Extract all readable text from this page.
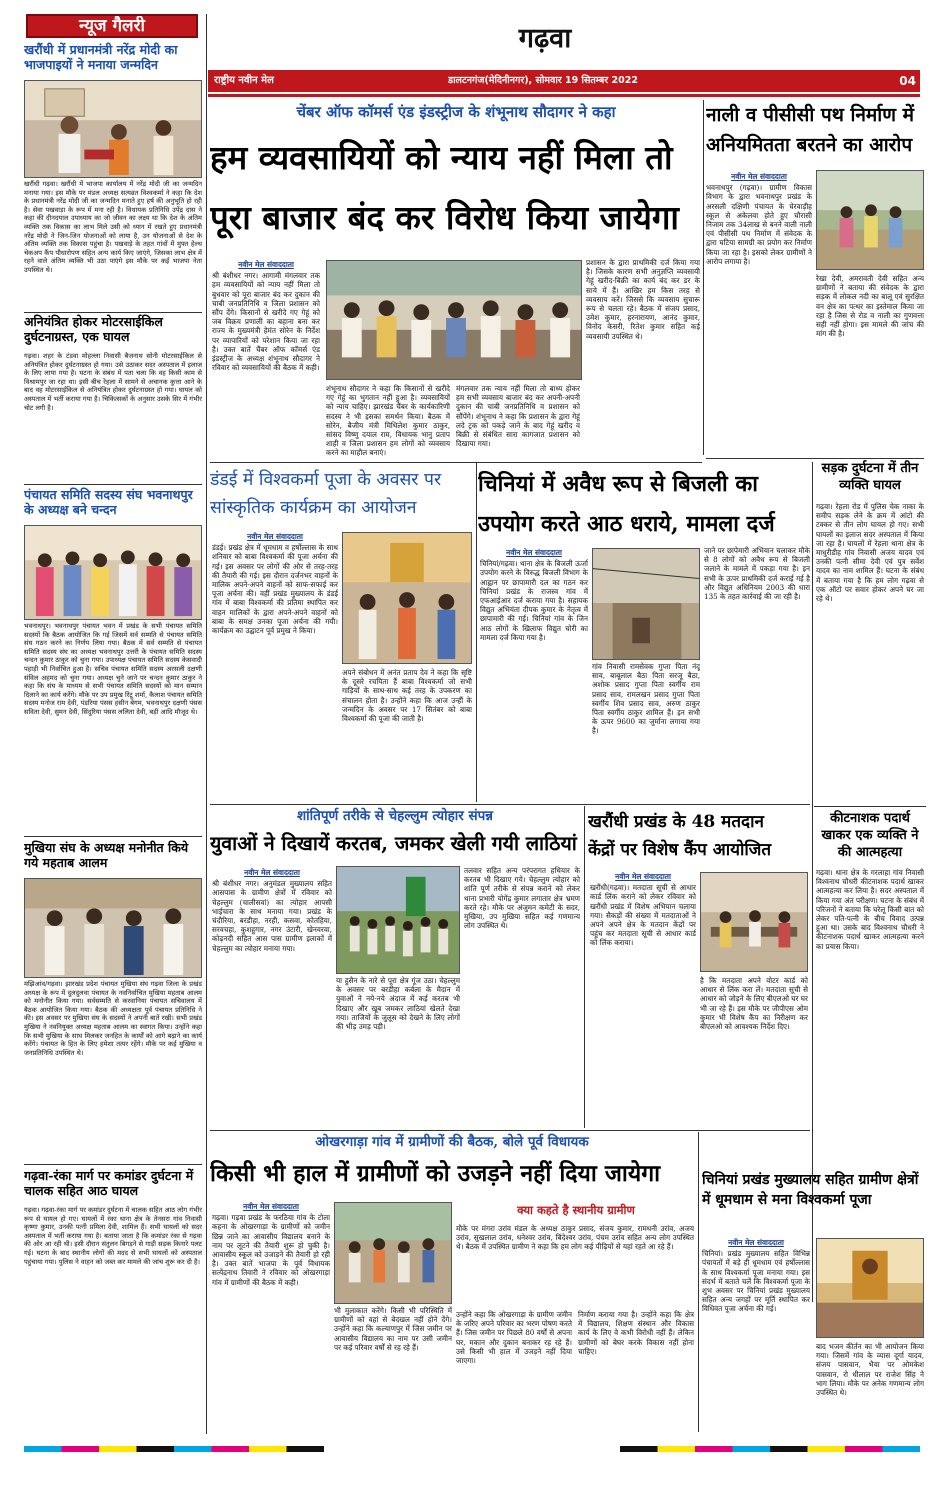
गढ़वा
राष्ट्रीय नवीन मेल	डालटनगंज(मेदिनीनगर), सोमवार 19 सितम्बर 2022	04
न्यूज गैलरी
खरौंधी में प्रधानमंत्री नरेंद्र मोदी का भाजपाइयों ने मनाया जन्मदिन
खरौंधी गढ़वा। खरौंधी में भाजपा कार्यालय में नरेंद्र मोदी जी का जन्मदिन मनाया गया। इस मौके पर मंडल अध्यक्ष सत्यव्रत विश्वकर्मा ने कहा कि देश के प्रधानमंत्री नरेंद्र मोदी जी का जन्मदिन मनाते हुए हर्ष की अनुभूति हो रही है। सेवा पखवाड़ा के रूप में मना रही है। विधायक प्रतिनिधि उपेंद्र दास ने कहा की दीनदयाल उपाध्याय का जो जीवन का लक्ष्य था कि देश के अंतिम व्यक्ति तक विकास का लाभ मिले उसी को ध्यान में रखते हुए प्रधानमंत्री नरेंद्र मोदी ने जिन-जिन योजनाओं को लाया है, उन योजनाओं से देश के अंतिम व्यक्ति तक विकास पहुंचा है। पखवाड़े के तहत गांवों में मुफ्त हेल्थ चेकअप कैंप पौधारोपण सहित अन्य कार्य किए जाएंगे, जिसका लाभ क्षेत्र में रहने वाले अंतिम व्यक्ति भी उठा पाएंगे इस मौके पर कई भाजपा नेता उपस्थित थे।
अनियंत्रित होकर मोटरसाईकिल दुर्घटनाग्रस्त, एक घायल
गढ़वा। शहर के टंडवा मोहल्ला निवासी बैजनाथ सोनी मोटरसाईकिल से अनियंत्रित होकर दुर्घटनाग्रस्त हो गया। उसे उठाकर सदर अस्पताल में इलाज के लिए लाया गया है। घटना के संबंध में पता चला कि वह किसी काम से विश्रामपुर जा रहा था। इसी बीच रेहला में सामने से अचानक कुत्ता आने के बाद वह मोटरसाईकिल से अनियंत्रित होकर दुर्घटनाग्रस्त हो गया। घायल को अस्पताल में भर्ती कराया गया है। चिकित्सकों के अनुसार उसके सिर में गंभीर चोट लगी है।
पंचायत समिति सदस्य संघ भवनाथपुर के अध्यक्ष बने चन्दन
भवनाथपुर। भवनाथपुर पंचायत भवन में प्रखंड के सभी पंचायत समिति सदस्यों कि बैठक आयोजित कि गई जिसमें सर्व सम्मति से पंचायत समिति संघ गठन करने का निर्णय लिया गया। बैठक में सर्व सम्मति से पंचायत समिति सदस्य संघ का अध्यक्ष भवनाथपुर उत्तरी के पंचायत समिति सदस्य चन्दन कुमार ठाकुर को चुना गया। उपाध्यक्ष पंचायत समिति सदस्य केसवादी पहाड़ी भी निर्वाचित हुआ है। सचिव पंचायत समिति सदस्य अरसली दक्षणी संविल अहमद को चुना गया। अध्यक्ष चुने जाने पर चन्दन कुमार ठाकुर ने कहा कि संघ के माध्यम से सभी पंचायत समिति सदस्यों को मान सम्मान दिलाने का कार्य करेंगे। मौके पर उप प्रमुख रिंटू शर्मा, कैलाश पंचायत समिति सदस्य मनोज राम देवी, पंडरिया पंसस हसीन बेगम, भवनाथपुर दक्षणी पंसस सविता देवी, सुमन देवी, सिंदुरिया पंसस ललिता देवी, बड़ी आदि मौजूद थे।
मुखिया संघ के अध्यक्ष मनोनीत किये गये महताब आलम
मझिआंव/गढ़वा। झारखंड प्रदेश पंचायत मुखिया संघ गढ़वा जिला के प्रखंड अध्यक्ष के रूप में दुलदुलवा पंचायत के नवनिर्वाचित मुखिया महताब आलम को मनोनीत किया गया। सर्वसम्मति से करवानिया पंचायत सचिवालय में बैठक आयोजित किया गया। बैठक की अध्यक्षता पूर्व पंचायत प्रतिनिधि ने की। इस अवसर पर मुखिया संघ के सदस्यों ने अपनी बातें रखी। सभी प्रखंड मुखिया ने नवनियुक्त अध्यक्ष महताब आलम का स्वागत किया। उन्होंने कहा कि सभी मुखिया के साथ मिलकर जनहित के कार्यों को आगे बढ़ाने का कार्य करेंगे। पंचायत के हित के लिए हमेशा तत्पर रहेंगे। मौके पर कई मुखिया व जनप्रतिनिधि उपस्थित थे।
गढ़वा-रंका मार्ग पर कमांडर दुर्घटना में चालक सहित आठ घायल
गढ़वा। गढ़वा-रंका मार्ग पर कमांडर दुर्घटना में चालक सहित आठ लोग गंभीर रूप से घायल हो गए। घायलों में रंका थाना क्षेत्र के तेनसरा गांव निवासी कृष्णा कुमार, उनकी पत्नी प्रमिला देवी, शामिल हैं। सभी घायलों को सदर अस्पताल में भर्ती कराया गया है। बताया जाता है कि कमांडर रंका से गढ़वा की ओर आ रही थी। इसी दौरान संतुलन बिगड़ने से गाड़ी सड़क किनारे पलट गई। घटना के बाद स्थानीय लोगों की मदद से सभी घायलों को अस्पताल पहुंचाया गया। पुलिस ने वाहन को जब्त कर मामले की जांच शुरू कर दी है।
चेंबर ऑफ कॉमर्स एंड इंडस्ट्रीज के शंभूनाथ सौदागर ने कहा
हम व्यवसायियों को न्याय नहीं मिला तो
पूरा बाजार बंद कर विरोध किया जायेगा
नवीन मेल संवाददाता
श्री बंशीधर नगर। आगामी मंगलवार तक हम व्यवसायियों को न्याय नहीं मिला तो बुधवार को पूरा बाजार बंद कर दुकान की चाबी जनप्रतिनिधि व जिला प्रशासन को सौंप देंगे। किसानों से खरीदे गए गेहूं को जब विक्रय प्रणाली का बहाना बना कर राज्य के मुख्यमंत्री हेमंत सोरेन के निर्देश पर व्यापारियों को परेशान किया जा रहा है। उक्त बातें चैंबर ऑफ कॉमर्स एंड इंडस्ट्रीज के अध्यक्ष शंभूनाथ सौदागर ने रविवार को व्यवसायियों की बैठक में कही।
शंभूनाथ सौदागर ने कहा कि किसानों से खरीदे गए गेहूं का भुगतान नहीं हुआ है। व्यवसायियों को न्याय चाहिए। झारखंड चैंबर के कार्यकारिणी सदस्य ने भी इसका समर्थन किया। बैठक में सोरेन, बैजीय मंत्री मिथिलेश कुमार ठाकुर, सांसद विष्णु दयाल राम, विधायक भानु प्रताप शाही व जिला प्रशासन हम लोगों को व्यवसाय करने का माहौल बनाएं।
मंगलवार तक न्याय नहीं मिला तो बाध्य होकर हम सभी व्यवसाय बाजार बंद कर अपनी-अपनी दुकान की चाबी जनप्रतिनिधि व प्रशासन को सौंपेंगे। शंभूनाथ ने कहा कि प्रशासन के द्वारा गेहूं लदे ट्रक को पकड़े जाने के बाद गेहूं खरीद व बिक्री से संबंधित सारा कागजात प्रशासन को दिखाया गया।
प्रशासन के द्वारा प्राथमिकी दर्ज किया गया है। जिसके कारण सभी अनुज्ञप्ति व्यवसायी गेहूं खरीद-बिक्री का कार्य बंद कर डर के साये में हैं। आखिर हम किस तरह से व्यवसाय करें। जिससे कि व्यवसाय सुचारू रूप से चलता रहे। बैठक में संजय प्रसाद, उमेश कुमार, हरनारायण, आनंद कुमार, विनोद केसरी, रितेश कुमार सहित कई व्यवसायी उपस्थित थे।
नाली व पीसीसी पथ निर्माण में अनियमितता बरतने का आरोप
नवीन मेल संवाददाता
भवनाथपुर (गढ़वा)। ग्रामीण विकास विभाग के द्वारा भवनाथपुर प्रखंड के अरसली दक्षिणी पंचायत के घेरवाड़ीह स्कूल से अकेलवा होते हुए चौरासी निजाम तक 34लाख से बनने वाली नाली एवं पीसीसी पथ निर्माण में संवेदक के द्वारा घटिया सामग्री का प्रयोग कर निर्माण किया जा रहा है। इसको लेकर ग्रामीणों ने आरोप लगाया है।
रेखा देवी, अमरावती देवी सहित अन्य ग्रामीणों ने बताया की संवेदक के द्वारा सड़क में लोकल नदी का बालू एवं सुरक्षित वन क्षेत्र का पत्थर का इस्तेमाल किया जा रहा है जिस से रोड व नाली का गुणवत्ता सही नहीं होगा। इस मामले की जांच की मांग की है।
डंडई में विश्वकर्मा पूजा के अवसर पर
सांस्कृतिक कार्यक्रम का आयोजन
नवीन मेल संवाददाता
डंडई। प्रखंड क्षेत्र में धूमधाम व हर्षोल्लास के साथ शनिवार को बाबा विश्वकर्मा की पूजा अर्चना की गई। इस अवसर पर लोगों की ओर से तरह-तरह की तैयारी की गई। इस दौरान दर्जनभर वाहनों के मालिक अपने-अपने वाहनों को साफ-सफाई कर पूजा अर्चना की। वहीं प्रखंड मुख्यालय के डंडई गांव में बाबा विश्वकर्मा की प्रतिमा स्थापित कर वाहन मालिकों के द्वारा अपने-अपने वाहनों को बाबा के समक्ष उनका पूजा अर्चना की गयी। कार्यक्रम का उद्घाटन पूर्व प्रमुख ने किया।
अपने संबोधन में अनंत प्रताप देव ने कहा कि सृष्टि के दूसरे रचयिता हैं बाबा विश्वकर्मा जो सभी गाड़ियों के साथ-साथ कई तरह के उपकरण का संचालन होता है। उन्होंने कहा कि आज उन्हीं के जन्मदिन के अवसर पर 17 सितंबर को बाबा विश्वकर्मा की पूजा की जाती है।
चिनियां में अवैध रूप से बिजली का
उपयोग करते आठ धराये, मामला दर्ज
नवीन मेल संवाददाता
चिनियां/गढ़वा। थाना क्षेत्र के बिजली ऊर्जा उपयोग करने के विरुद्ध बिजली विभाग के आह्वान पर छापामारी दल का गठन कर चिनियां प्रखंड के राजस्व गांव में एफआईआर दर्ज कराया गया है। सहायक विद्युत अभियंता दीपक कुमार के नेतृत्व में छापामारी की गई। चिनियां गांव के जिन आठ लोगों के खिलाफ विद्युत चोरी का मामला दर्ज किया गया है।
गांव निवासी रामसेवक गुप्ता पिता नंदू साव, बाबूलाल बैठा पिता सरजू बैठा, अशोक प्रसाद गुप्ता पिता स्वर्गीय राम प्रसाद साव, रामलखन प्रसाद गुप्ता पिता स्वर्गीय शिव प्रसाद साव, अरुण ठाकुर पिता स्वर्गीय ठाकुर शामिल हैं। इन सभी के ऊपर 9600 का जुर्माना लगाया गया है।
जाने पर छापेमारी अभियान चलाकर मौके से 8 लोगों को अवैध रूप से बिजली जलाने के मामले में पकड़ा गया है। इन सभी के ऊपर प्राथमिकी दर्ज कराई गई है और विद्युत अधिनियम 2003 की धारा 135 के तहत कार्रवाई की जा रही है।
सड़क दुर्घटना में तीन व्यक्ति घायल
गढ़वा। रेहला रोड में पुलिस चेक नाका के समीप सड़क लेने के क्रम में आंटो की टक्कर से तीन लोग घायल हो गए। सभी घायलों का इलाज सदर अस्पताल में किया जा रहा है। घायलों में रेहला थाना क्षेत्र के माधुरीडीह गांव निवासी अजय यादव एवं उनकी पत्नी सीमा देवी एवं पुत्र सर्वेश यादव का नाम शामिल हैं। घटना के संबंध में बताया गया है कि हम लोग गढ़वा से एक ऑटो पर सवार होकर अपने घर जा रहे थे।
कीटनाशक पदार्थ खाकर एक व्यक्ति ने की आत्महत्या
गढ़वा। थाना क्षेत्र के गरलाहा गांव निवासी विश्वनाथ चौधरी कीटनाशक पदार्थ खाकर आत्महत्या कर लिया है। सदर अस्पताल में किया गया अंत परीक्षण। घटना के संबंध में परिजनों ने बताया कि घरेलू किसी बात को लेकर पति-पत्नी के बीच विवाद उत्पन्न हुआ था। उसके बाद विश्वनाथ चौधरी ने कीटनाशक पदार्थ खाकर आत्महत्या करने का प्रयास किया।
शांतिपूर्ण तरीके से चेहल्लुम त्योहार संपन्न
युवाओं ने दिखायें करतब, जमकर खेली गयी लाठियां
नवीन मेल संवाददाता
श्री बंशीधर नगर। अनुमंडल मुख्यालय सहित आसपास के ग्रामीण क्षेत्रों में रविवार को चेहल्लुम (चालीसवां) का त्योहार आपसी भाईचारा के साथ मनाया गया। प्रखंड के चंदौरिया, बरडीहा, नरही, कसवा, कोतहिया, सरवचहा, कुशहुगार, नगर उंटारी, खेनवरवा, कोढ़नदी सहित आस पास ग्रामीण इलाकों में चेहल्लुम का त्योहार मनाया गया।
या हुसैन के नारे से पूरा क्षेत्र गूंज उठा। चेहल्लुम के अवसर पर बरडीहा कर्बला के मैदान में युवाओं ने नये-नये अंदाज में कई करतब भी दिखाए और खूब जमकर लाठियां खेलते देखा गया। ताजियों के जुलूस को देखने के लिए लोगों की भीड़ उमड़ पड़ी।
तलवार सहित अन्य परंपरागत हथियार के करतब भी दिखाए गये। चेहल्लुम त्योहार को शांति पूर्ण तरीके से संपन्न कराने को लेकर थाना प्रभारी योगेंद्र कुमार लगातार क्षेत्र भ्रमण करते रहे। मौके पर अंजुमन कमेटी के सदर, मुखिया, उप मुखिया सहित कई गणमान्य लोग उपस्थित थे।
खरौंधी प्रखंड के 48 मतदान
केंद्रों पर विशेष कैंप आयोजित
नवीन मेल संवाददाता
खरौंधी(गढ़वा)। मतदाता सूची से आधार कार्ड लिंक कराने को लेकर रविवार को खरौंधी प्रखंड में विशेष अभियान चलाया गया। सैकड़ों की संख्या में मतदाताओं ने अपने अपने क्षेत्र के मतदान केंद्रों पर पहुंच कर मतदाता सूची से आधार कार्ड को लिंक कराया।
है कि मतदाता अपने वोटर कार्ड को आधार से लिंक करा लें। मतदाता सूची से आधार को जोड़ने के लिए बीएलओ घर घर भी जा रहे हैं। इस मौके पर जीपीएस ओम कुमार भी विशेष कैंप का निरीक्षण कर बीएलओ को आवश्यक निर्देश दिए।
ओखरगाड़ा गांव में ग्रामीणों की बैठक, बोले पूर्व विधायक
किसी भी हाल में ग्रामीणों को उजड़ने नहीं दिया जायेगा
नवीन मेल संवाददाता
गढ़वा। गढ़वा प्रखंड के फरठिया गांव के टोला कहना के ओखरगाड़ा के ग्रामीणों को जमीन छिन्न जाने का आवासीय विद्यालय बनाने के नाम पर लूटने की तैयारी शुरू हो चुकी है। आवासीय स्कूल को उजाड़ने की तैयारी हो रही है। उक्त बातें भाजपा के पूर्व विधायक सत्येंद्रनाथ तिवारी ने रविवार को ओखरगाड़ा गांव में ग्रामीणों की बैठक में कही।
भी मुलाकात करेंगे। किसी भी परिस्थिति में ग्रामीणों को वहां से बेदखल नहीं होने देंगे। उन्होंने कहा कि कल्याणपुर में जिस जमीन पर आवासीय विद्यालय का नाम पर उसी जमीन पर कई परिवार वर्षों से रह रहे हैं।
क्या कहते है स्थानीय ग्रामीण
मौके पर मंगरा उरांव मंडल के अध्यक्ष ठाकुर प्रसाद, संजय कुमार, रामधनी उरांव, अजय उरांव, सुखलाल उरांव, धनेश्वर उरांव, बिंदेश्वर उरांव, पंचम उरांव सहित अन्य लोग उपस्थित थे। बैठक में उपस्थित ग्रामीण ने कहा कि हम लोग कई पीढ़ियों से यहां रहते आ रहे हैं।
उन्होंने कहा कि ओखरगाड़ा के ग्रामीण जमीन के जरिए अपने परिवार का भरण पोषण करते हैं। जिस जमीन पर पिछले 80 वर्षों से अपना घर, मकान और दुकान बनाकर रह रहे हैं। उसे किसी भी हाल में उजड़ने नहीं दिया जाएगा।
निर्माण कराया गया है। उन्होंने कहा कि क्षेत्र में विद्यालय, शिक्षण संस्थान और विकास कार्य के लिए वे कभी विरोधी नहीं हैं। लेकिन ग्रामीणों को बेघर करके विकास नहीं होना चाहिए।
चिनियां प्रखंड मुख्यालय सहित ग्रामीण क्षेत्रों में धूमधाम से मना विश्वकर्मा पूजा
नवीन मेल संवाददाता
चिनियां। प्रखंड मुख्यालय सहित विभिन्न पंचायतों में बड़े ही धूमधाम एवं हर्षोल्लास के साथ विश्वकर्मा पूजा मनाया गया। इस संदर्भ में बताते चलें कि विश्वकर्मा पूजा के शुभ अवसर पर चिनियां प्रखंड मुख्यालय सहित अन्य जगहों पर मूर्ति स्थापित कर विधिवत पूजा अर्चना की गई।
बाद भजन कीर्तन का भी आयोजन किया गया। जिसमें गांव के व्यास दूर्गा यादव, संजय पासवान, भैया पर ओमकेश पासवान, रो धीलाल पर राजेश सिंह ने भाग लिया। मौके पर अनेक गणमान्य लोग उपस्थित थे।
